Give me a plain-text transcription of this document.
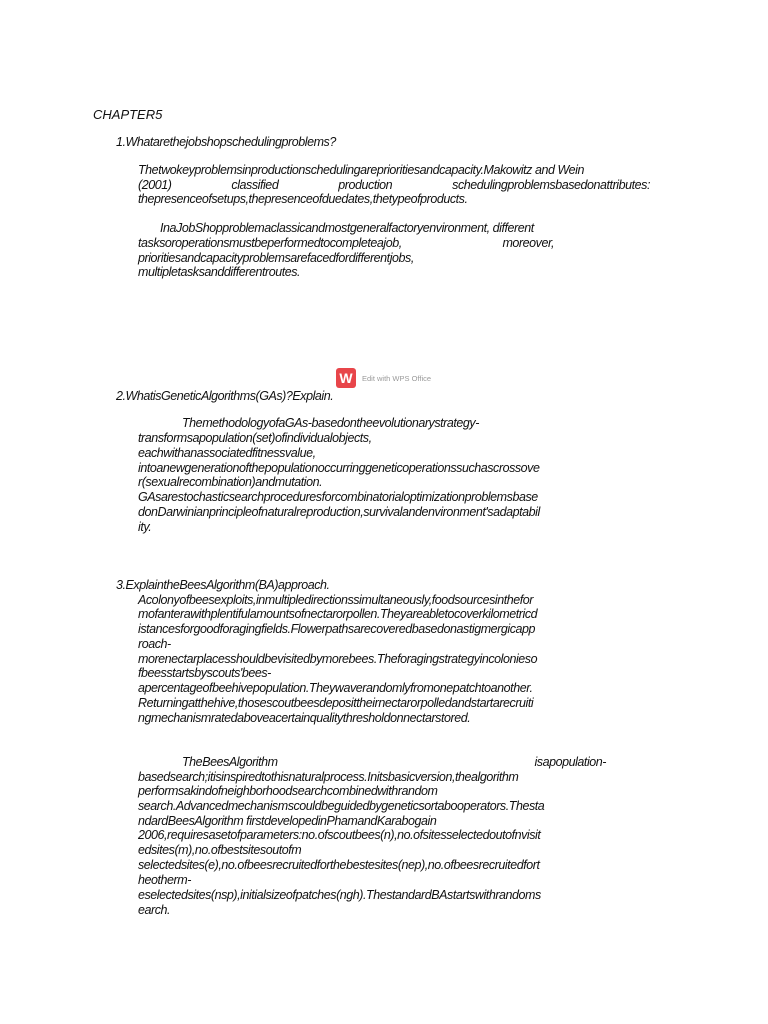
CHAPTER5

1.Whatarethejobshopschedulingproblems?

Thetwokeyproblemsinproductionschedulingareprioritiesandcapacity.Makowitz and Wein

(2001)	classified	production	schedulingproblemsbasedonattributes:

thepresenceofsetups,thepresenceofduedates,thetypeofproducts.

InaJobShopproblemaclassicandmostgeneralfactoryenvironment, different

tasksoroperationsmustbeperformedtocompleteajob,	moreover,

prioritiesandcapacityproblemsarefacedfordifferentjobs,

multipletasksanddifferentroutes.

W	Edit with WPS Office

2.WhatisGeneticAlgorithms(GAs)?Explain.

ThemethodologyofaGAs-basedontheevolutionarystrategy-

transformsapopulation(set)ofindividualobjects,

eachwithanassociatedfitnessvalue,

intoanewgenerationofthepopulationoccurringgeneticoperationssuchascrossove

r(sexualrecombination)andmutation.

GAsarestochasticsearchproceduresforcombinatorialoptimizationproblemsbase

donDarwinianprincipleofnaturalreproduction,survivalandenvironment'sadaptabil

ity.

3.ExplaintheBeesAlgorithm(BA)approach.

Acolonyofbeesexploits,inmultipledirectionssimultaneously,foodsourcesinthefor

mofanterawithplentifulamountsofnectarorpollen.Theyareabletocoverkilometricd

istancesforgoodforagingfields.Flowerpathsarecoveredbasedonastigmergicapp

roach-

morenectarplacesshouldbevisitedbymorebees.Theforagingstrategyincolonieso

fbeesstartsbyscouts'bees-

apercentageofbeehivepopulation.Theywaverandomlyfromonepatchtoanother.

Returningatthehive,thosescoutbeesdeposittheirnectarorpolledandstartarecruiti

ngmechanismratedaboveacertainqualitythresholdonnectarstored.

TheBeesAlgorithm	isapopulation-

basedsearch;itisinspiredtothisnaturalprocess.Initsbasicversion,thealgorithm

performsakindofneighborhoodsearchcombinedwithrandom

search.Advancedmechanismscouldbeguidedbygeneticsortabooperators.Thesta

ndardBeesAlgorithm firstdevelopedinPhamandKarabogain

2006,requiresasetofparameters:no.ofscoutbees(n),no.ofsitesselectedoutofnvisit

edsites(m),no.ofbestsitesoutofm

selectedsites(e),no.ofbeesrecruitedforthebestesites(nep),no.ofbeesrecruitedfort

heotherm-

eselectedsites(nsp),initialsizeofpatches(ngh).ThestandardBAstartswithrandoms

earch.
